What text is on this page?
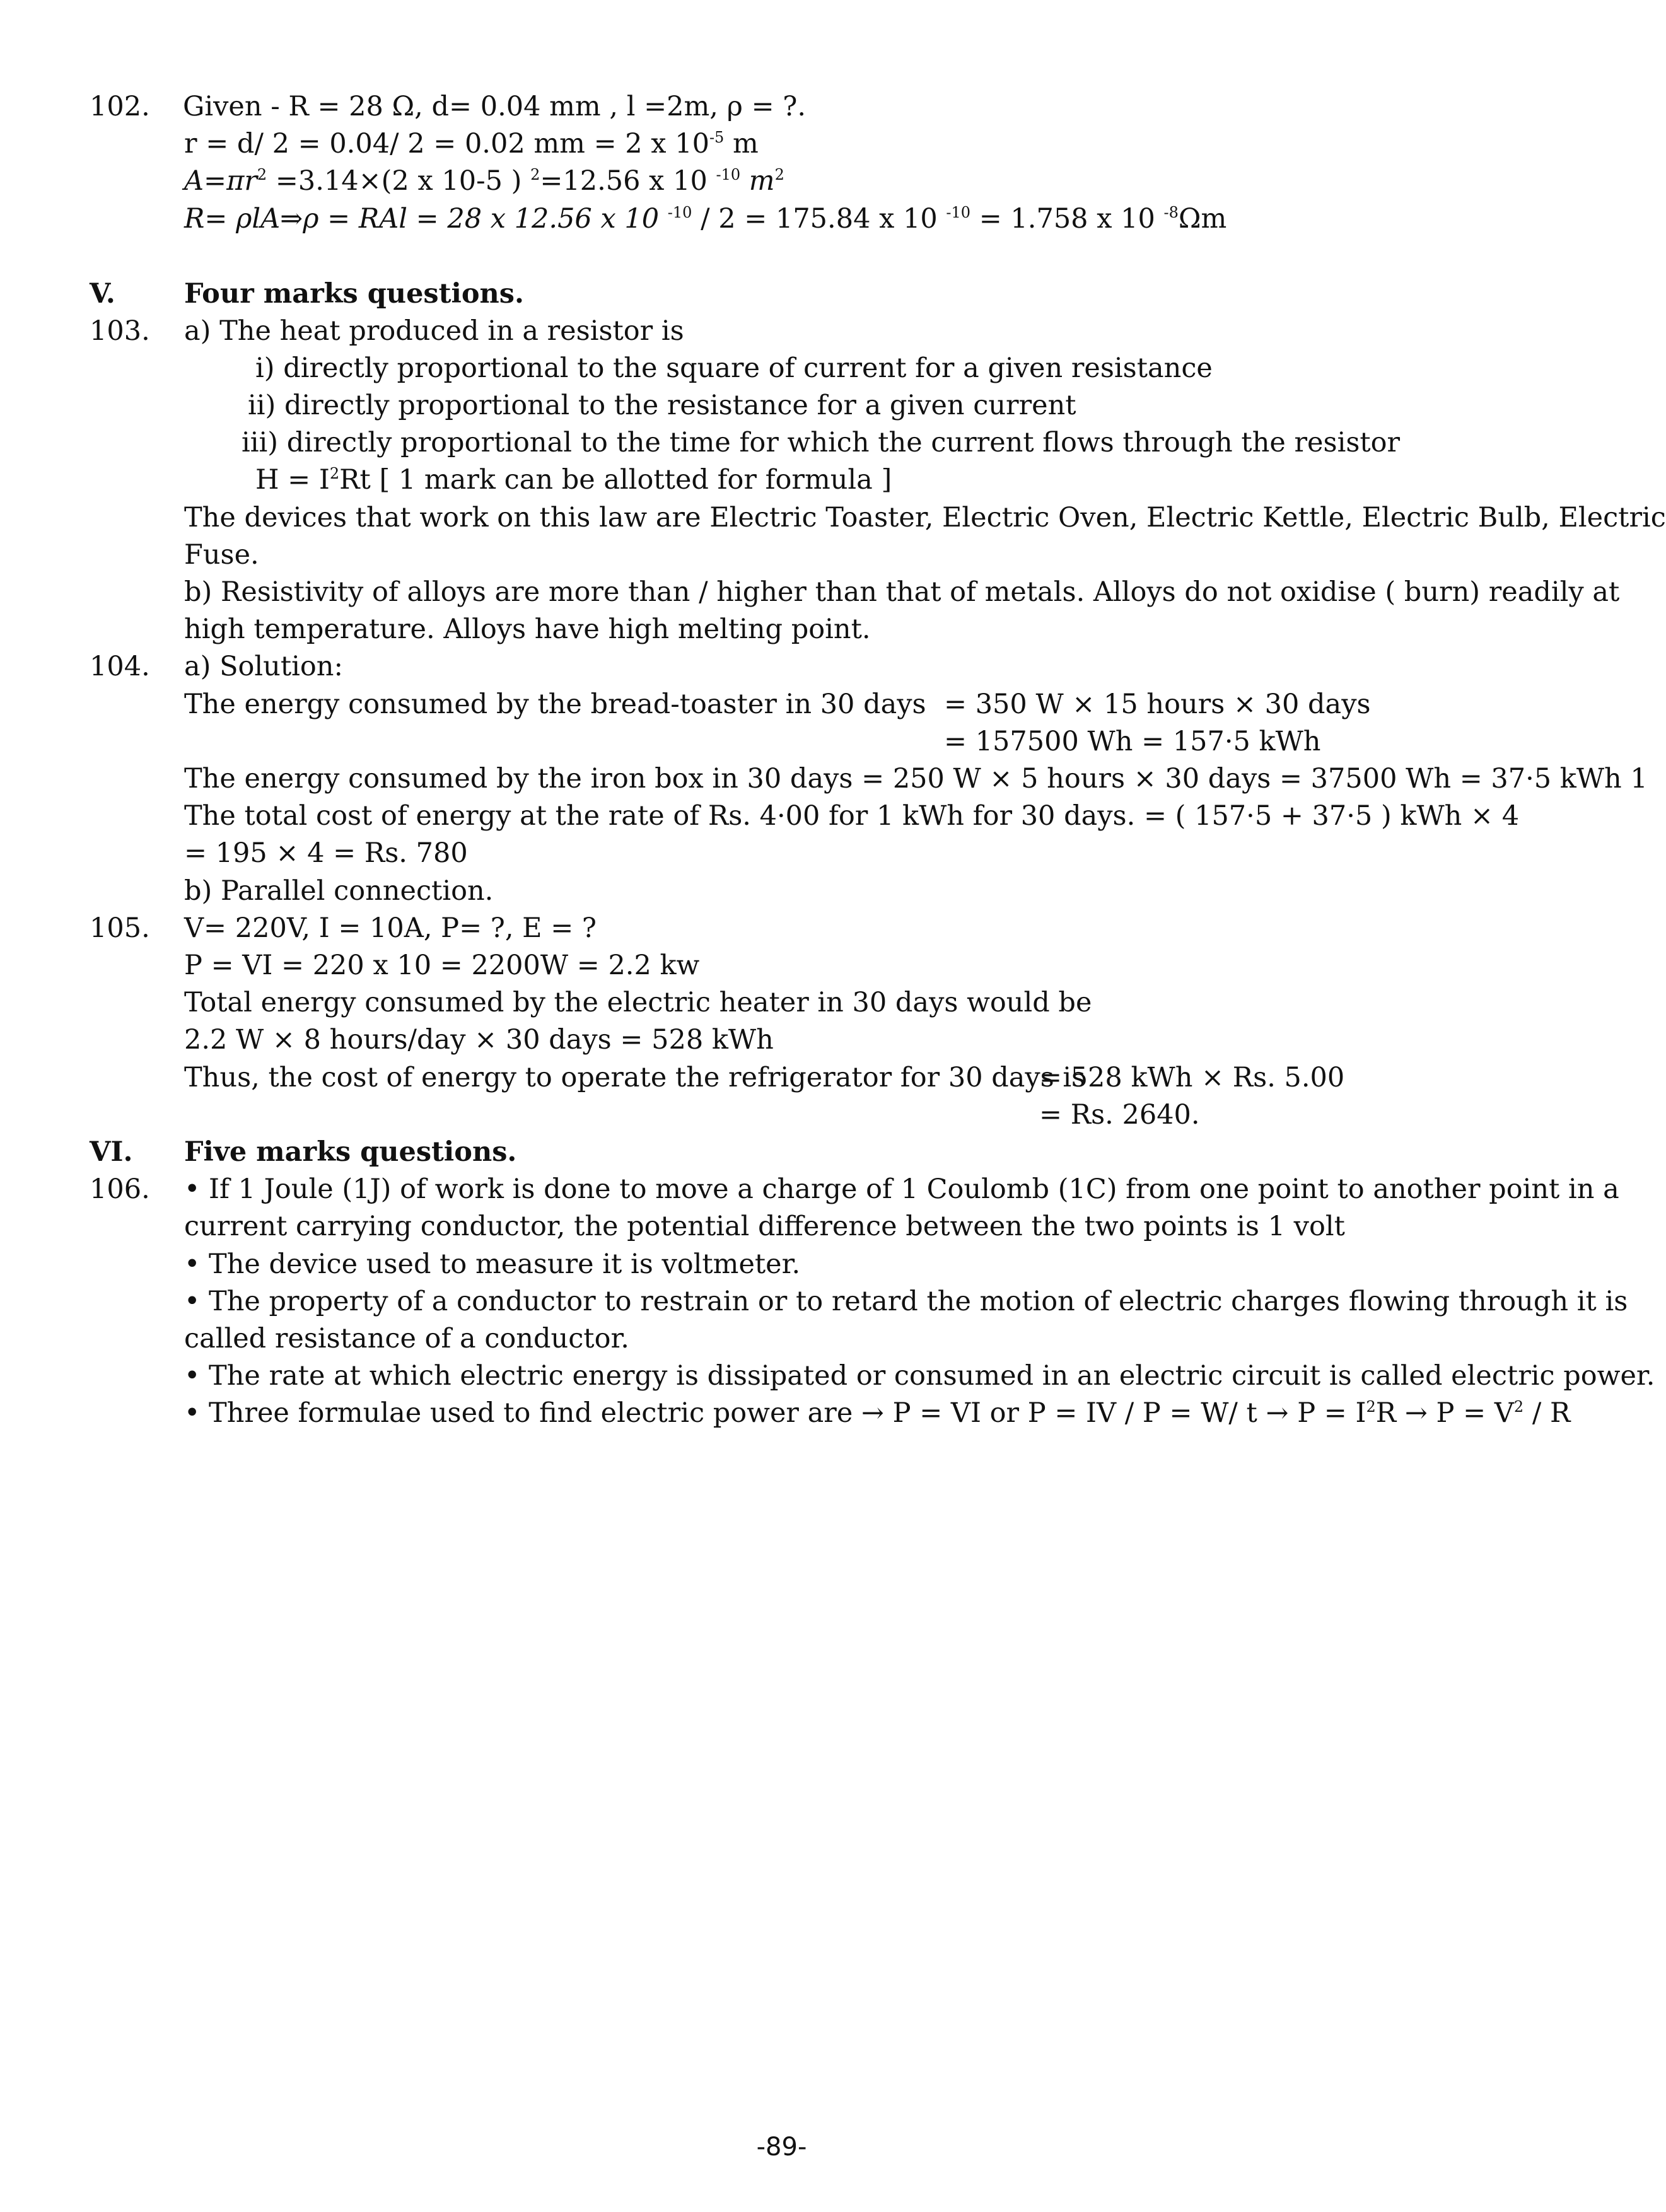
102. Given - R = 28 Ω, d= 0.04 mm , l =2m, ρ = ?.
r = d/ 2 = 0.04/ 2 = 0.02 mm = 2 x $10^{-5}$ m
$A=\pi r^2 =3.14\times(2$ x 10-5 ) $^2$=12.56 x 10 $^{-10}$ $m^2$
R= ρlA⇒ρ = RAl = 28 x 12.56 x 10 $^{-10}$ / 2 = 175.84 x 10 $^{-10}$ = 1.758 x 10 $^{-8}$Ωm
V.	Four marks questions.
103. a) The heat produced in a resistor is
i) directly proportional to the square of current for a given resistance
ii) directly proportional to the resistance for a given current
iii) directly proportional to the time for which the current flows through the resistor
$H = I^2Rt$ [ 1 mark can be allotted for formula ]
The devices that work on this law are Electric Toaster, Electric Oven, Electric Kettle, Electric Bulb, Electric
Fuse.
b) Resistivity of alloys are more than / higher than that of metals. Alloys do not oxidise ( burn) readily at
high temperature. Alloys have high melting point.
104. a) Solution:
The energy consumed by the bread-toaster in 30 days = 350 W × 15 hours × 30 days
= 157500 Wh = 157·5 kWh
The energy consumed by the iron box in 30 days = 250 W × 5 hours × 30 days = 37500 Wh = 37·5 kWh 1
The total cost of energy at the rate of Rs. 4·00 for 1 kWh for 30 days. = ( 157·5 + 37·5 ) kWh × 4
= 195 × 4 = Rs. 780
b) Parallel connection.
105. V= 220V, I = 10A, P= ?, E = ?
P = VI = 220 x 10 = 2200W = 2.2 kw
Total energy consumed by the electric heater in 30 days would be
2.2 W × 8 hours/day × 30 days = 528 kWh
Thus, the cost of energy to operate the refrigerator for 30 days is
= 528 kWh × Rs. 5.00
= Rs. 2640.
VI. Five marks questions.
106. • If 1 Joule (1J) of work is done to move a charge of 1 Coulomb (1C) from one point to another point in a
current carrying conductor, the potential difference between the two points is 1 volt
• The device used to measure it is voltmeter.
• The property of a conductor to restrain or to retard the motion of electric charges flowing through it is
called resistance of a conductor.
• The rate at which electric energy is dissipated or consumed in an electric circuit is called electric power.
• Three formulae used to find electric power are → P = VI or P = IV / P = W/ $t \to P = I^2R \to P = V^2 / R$
-89-
